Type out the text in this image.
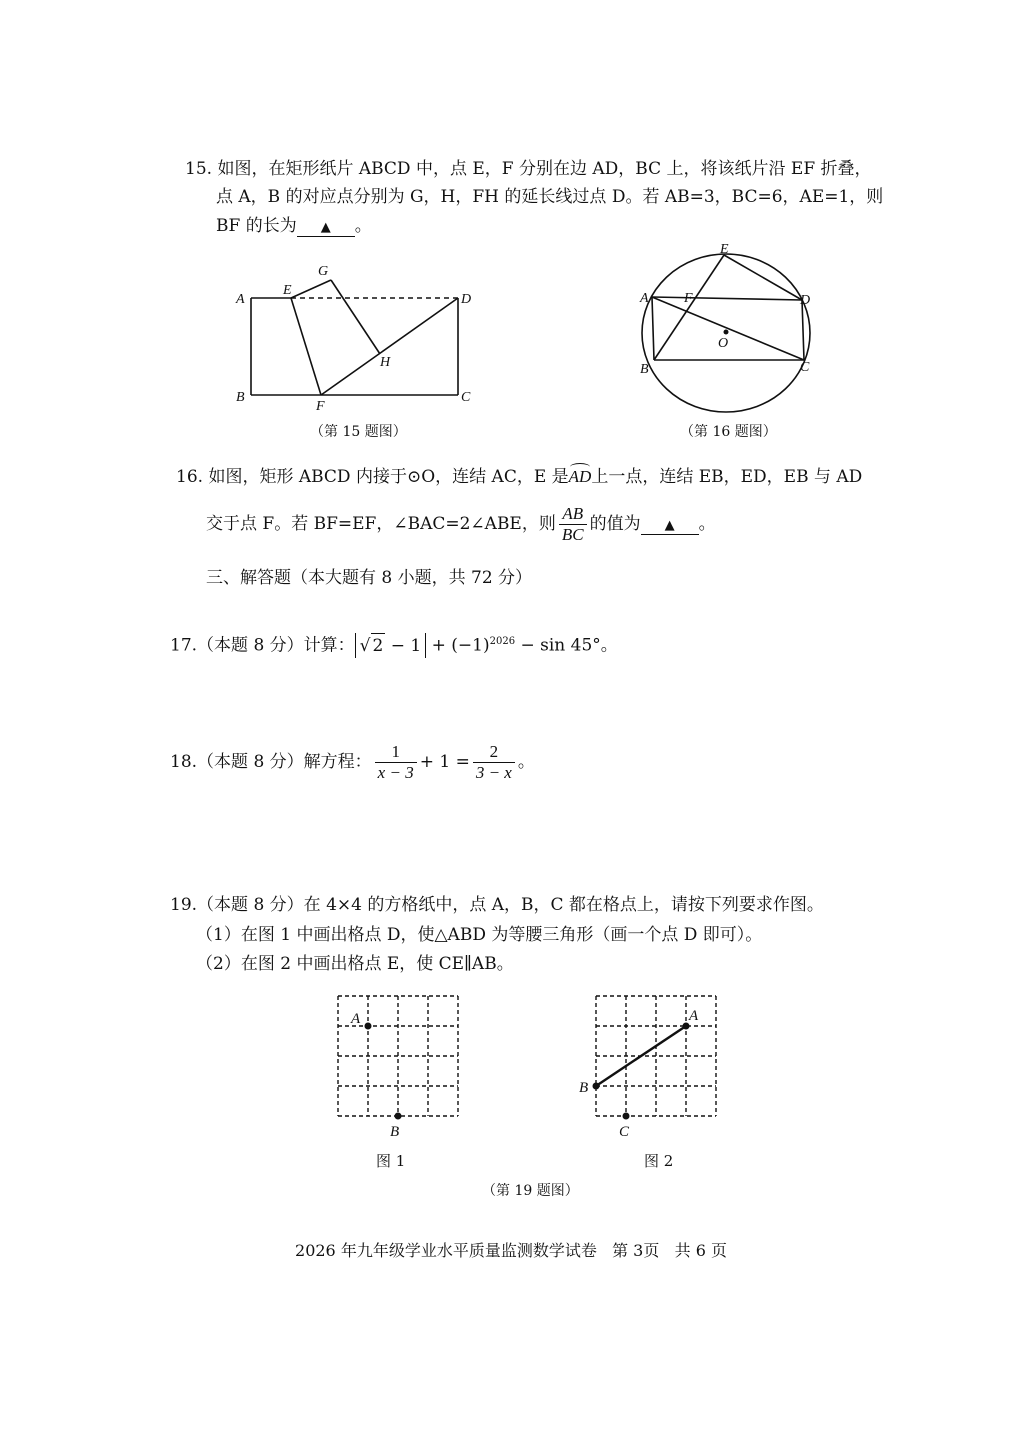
15. 如图，在矩形纸片 ABCD 中，点 E，F 分别在边 AD，BC 上，将该纸片沿 EF 折叠，
点 A，B 的对应点分别为 G，H，FH 的延长线过点 D。若 AB=3，BC=6，AE=1，则
BF 的长为 ▲ 。
A
B	C
D
E
F
G
H
（第 15 题图）
A
B	C
D
E
F
O
（第 16 题图）
16. 如图，矩形 ABCD 内接于⊙O，连结 AC，E 是AD上一点，连结 EB，ED，EB 与 AD
交于点 F。若 BF=EF，∠BAC=2∠ABE，则 $\frac{AB}{BC}$ 的值为 ▲ 。
三、解答题（本大题有 8 小题，共 72 分）
17.（本题 8 分）计算： √ $2 - 1 + (-1)^{2026} - \sin 45^\circ$。
18.（本题 8 分）解方程： $\frac{1}{x - 3} + 1 = \frac{2}{3 - x}$ 。
19.（本题 8 分）在 4×4 的方格纸中，点 A，B，C 都在格点上，请按下列要求作图。
（1）在图 1 中画出格点 D，使△ABD 为等腰三角形（画一个点 D 即可）。
（2）在图 2 中画出格点 E，使 CE∥AB。
A
B
图 1
A
B
C
图 2
（第 19 题图）
2026 年九年级学业水平质量监测数学试卷   第 3页   共 6 页
